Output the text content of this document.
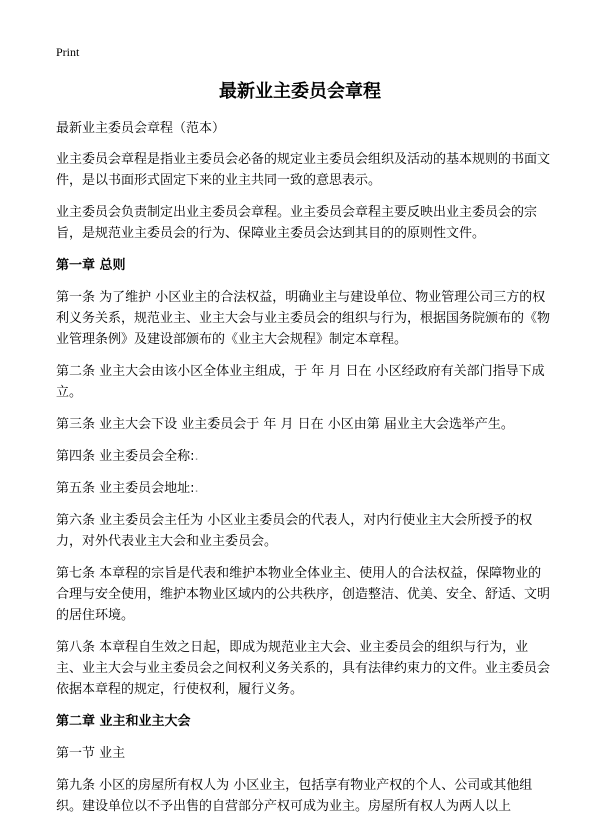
Print
最新业主委员会章程

最新业主委员会章程（范本）

业主委员会章程是指业主委员会必备的规定业主委员会组织及活动的基本规则的书面文件，是以书面形式固定下来的业主共同一致的意思表示。

业主委员会负责制定出业主委员会章程。业主委员会章程主要反映出业主委员会的宗旨，是规范业主委员会的行为、保障业主委员会达到其目的的原则性文件。

第一章 总则

第一条 为了维护 小区业主的合法权益，明确业主与建设单位、物业管理公司三方的权利义务关系，规范业主、业主大会与业主委员会的组织与行为，根据国务院颁布的《物业管理条例》及建设部颁布的《业主大会规程》制定本章程。

第二条 业主大会由该小区全体业主组成，于 年 月 日在 小区经政府有关部门指导下成立。

第三条 业主大会下设 业主委员会于 年 月 日在 小区由第 届业主大会选举产生。

第四条 业主委员会全称:.

第五条 业主委员会地址:.

第六条 业主委员会主任为 小区业主委员会的代表人，对内行使业主大会所授予的权力，对外代表业主大会和业主委员会。

第七条 本章程的宗旨是代表和维护本物业全体业主、使用人的合法权益，保障物业的合理与安全使用，维护本物业区域内的公共秩序，创造整洁、优美、安全、舒适、文明的居住环境。

第八条 本章程自生效之日起，即成为规范业主大会、业主委员会的组织与行为，业主、业主大会与业主委员会之间权利义务关系的，具有法律约束力的文件。业主委员会依据本章程的规定，行使权利，履行义务。

第二章 业主和业主大会
第一节 业主

第九条 小区的房屋所有权人为 小区业主，包括享有物业产权的个人、公司或其他组织。建设单位以不予出售的自营部分产权可成为业主。房屋所有权人为两人以上
